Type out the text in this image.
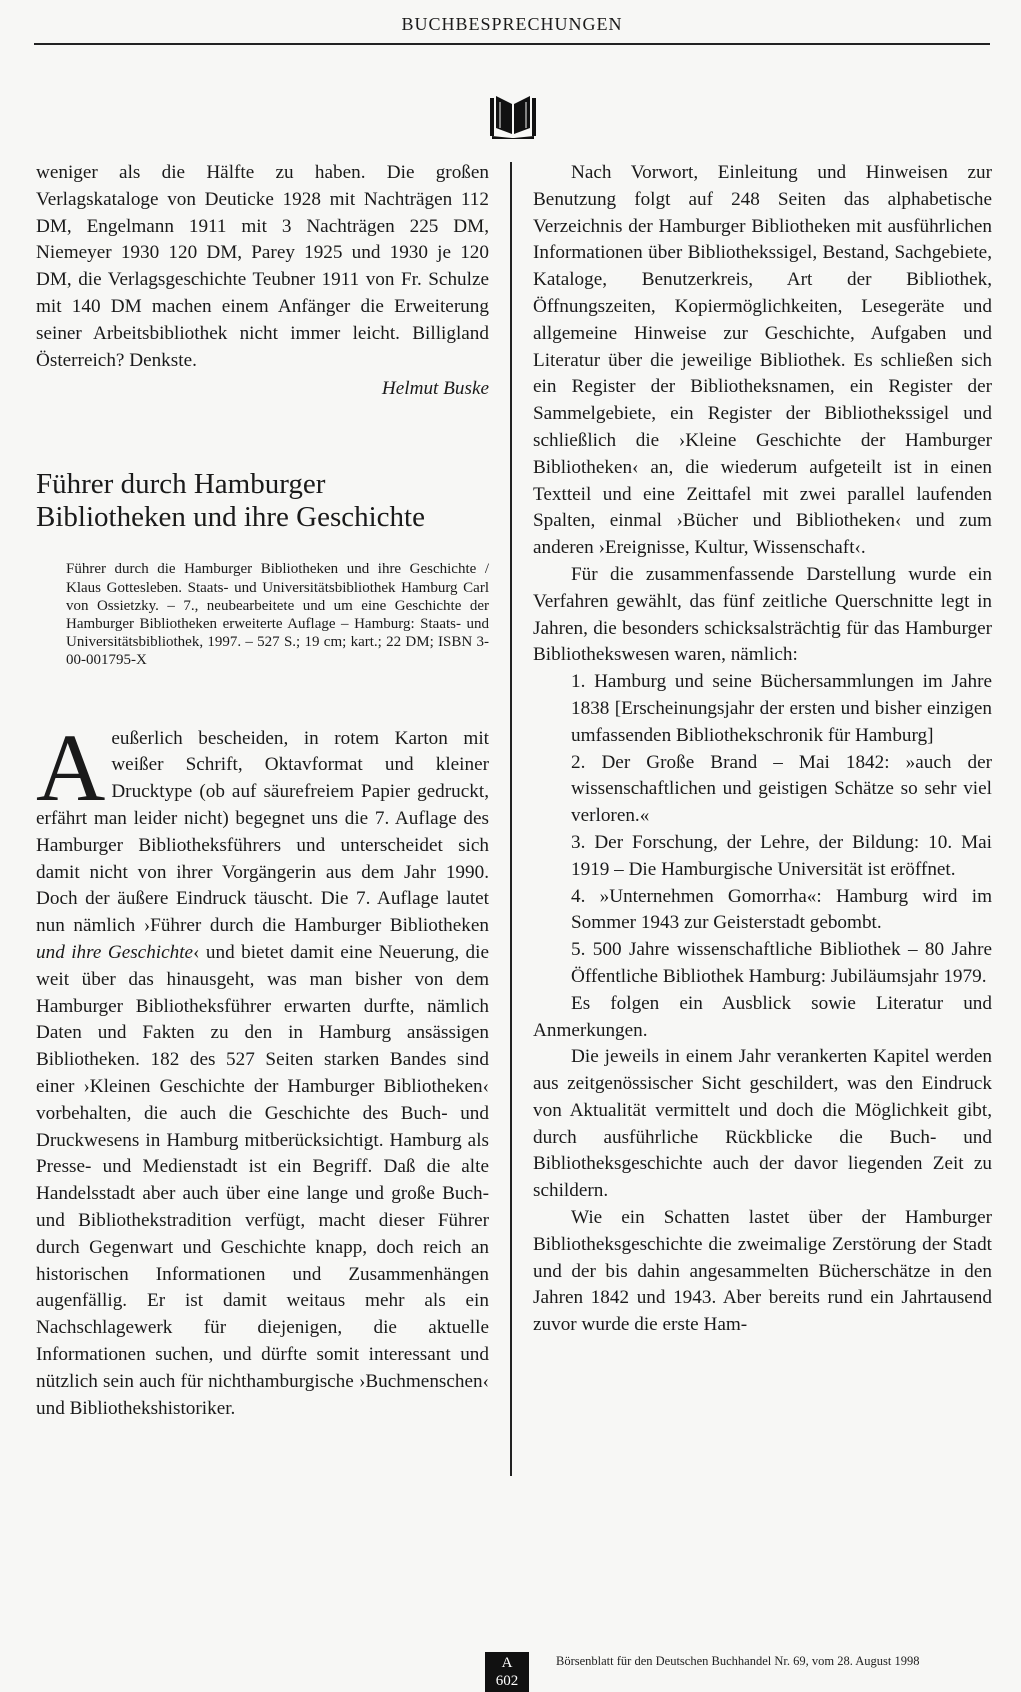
BUCHBESPRECHUNGEN

weniger als die Hälfte zu haben. Die großen Verlagskataloge von Deuticke 1928 mit Nachträgen 112 DM, Engelmann 1911 mit 3 Nachträgen 225 DM, Niemeyer 1930 120 DM, Parey 1925 und 1930 je 120 DM, die Verlagsgeschichte Teubner 1911 von Fr. Schulze mit 140 DM machen einem Anfänger die Erweiterung seiner Arbeitsbibliothek nicht immer leicht. Billigland Österreich? Denkste.

Helmut Buske

Führer durch Hamburger
Bibliotheken und ihre Geschichte

Führer durch die Hamburger Bibliotheken und ihre Geschichte / Klaus Gottesleben. Staats- und Universitätsbibliothek Hamburg Carl von Ossietzky. – 7., neubearbeitete und um eine Geschichte der Hamburger Bibliotheken erweiterte Auflage – Hamburg: Staats- und Universitätsbibliothek, 1997. – 527 S.; 19 cm; kart.; 22 DM; ISBN 3-00-001795-X

Aeußerlich bescheiden, in rotem Karton mit weißer Schrift, Oktavformat und kleiner Drucktype (ob auf säurefreiem Papier gedruckt, erfährt man leider nicht) begegnet uns die 7. Auflage des Hamburger Bibliotheksführers und unterscheidet sich damit nicht von ihrer Vorgängerin aus dem Jahr 1990. Doch der äußere Eindruck täuscht. Die 7. Auflage lautet nun nämlich ›Führer durch die Hamburger Bibliotheken und ihre Geschichte‹ und bietet damit eine Neuerung, die weit über das hinausgeht, was man bisher von dem Hamburger Bibliotheksführer erwarten durfte, nämlich Daten und Fakten zu den in Hamburg ansässigen Bibliotheken. 182 des 527 Seiten starken Bandes sind einer ›Kleinen Geschichte der Hamburger Bibliotheken‹ vorbehalten, die auch die Geschichte des Buch- und Druckwesens in Hamburg mitberücksichtigt. Hamburg als Presse- und Medienstadt ist ein Begriff. Daß die alte Handelsstadt aber auch über eine lange und große Buch- und Bibliothekstradition verfügt, macht dieser Führer durch Gegenwart und Geschichte knapp, doch reich an historischen Informationen und Zusammenhängen augenfällig. Er ist damit weitaus mehr als ein Nachschlagewerk für diejenigen, die aktuelle Informationen suchen, und dürfte somit interessant und nützlich sein auch für nichthamburgische ›Buchmenschen‹ und Bibliothekshistoriker.

Nach Vorwort, Einleitung und Hinweisen zur Benutzung folgt auf 248 Seiten das alphabetische Verzeichnis der Hamburger Bibliotheken mit ausführlichen Informationen über Bibliothekssigel, Bestand, Sachgebiete, Kataloge, Benutzerkreis, Art der Bibliothek, Öffnungszeiten, Kopiermöglichkeiten, Lesegeräte und allgemeine Hinweise zur Geschichte, Aufgaben und Literatur über die jeweilige Bibliothek. Es schließen sich ein Register der Bibliotheksnamen, ein Register der Sammelgebiete, ein Register der Bibliothekssigel und schließlich die ›Kleine Geschichte der Hamburger Bibliotheken‹ an, die wiederum aufgeteilt ist in einen Textteil und eine Zeittafel mit zwei parallel laufenden Spalten, einmal ›Bücher und Bibliotheken‹ und zum anderen ›Ereignisse, Kultur, Wissenschaft‹.

Für die zusammenfassende Darstellung wurde ein Verfahren gewählt, das fünf zeitliche Querschnitte legt in Jahren, die besonders schicksalsträchtig für das Hamburger Bibliothekswesen waren, nämlich:

1. Hamburg und seine Büchersammlungen im Jahre 1838 [Erscheinungsjahr der ersten und bisher einzigen umfassenden Bibliothekschronik für Hamburg]

2. Der Große Brand – Mai 1842: »auch der wissenschaftlichen und geistigen Schätze so sehr viel verloren.«

3. Der Forschung, der Lehre, der Bildung: 10. Mai 1919 – Die Hamburgische Universität ist eröffnet.

4. »Unternehmen Gomorrha«: Hamburg wird im Sommer 1943 zur Geisterstadt gebombt.

5. 500 Jahre wissenschaftliche Bibliothek – 80 Jahre Öffentliche Bibliothek Hamburg: Jubiläumsjahr 1979.

Es folgen ein Ausblick sowie Literatur und Anmerkungen.

Die jeweils in einem Jahr verankerten Kapitel werden aus zeitgenössischer Sicht geschildert, was den Eindruck von Aktualität vermittelt und doch die Möglichkeit gibt, durch ausführliche Rückblicke die Buch- und Bibliotheksgeschichte auch der davor liegenden Zeit zu schildern.

Wie ein Schatten lastet über der Hamburger Bibliotheksgeschichte die zweimalige Zerstörung der Stadt und der bis dahin angesammelten Bücherschätze in den Jahren 1842 und 1943. Aber bereits rund ein Jahrtausend zuvor wurde die erste Ham-

A
602
Börsenblatt für den Deutschen Buchhandel Nr. 69, vom 28. August 1998
